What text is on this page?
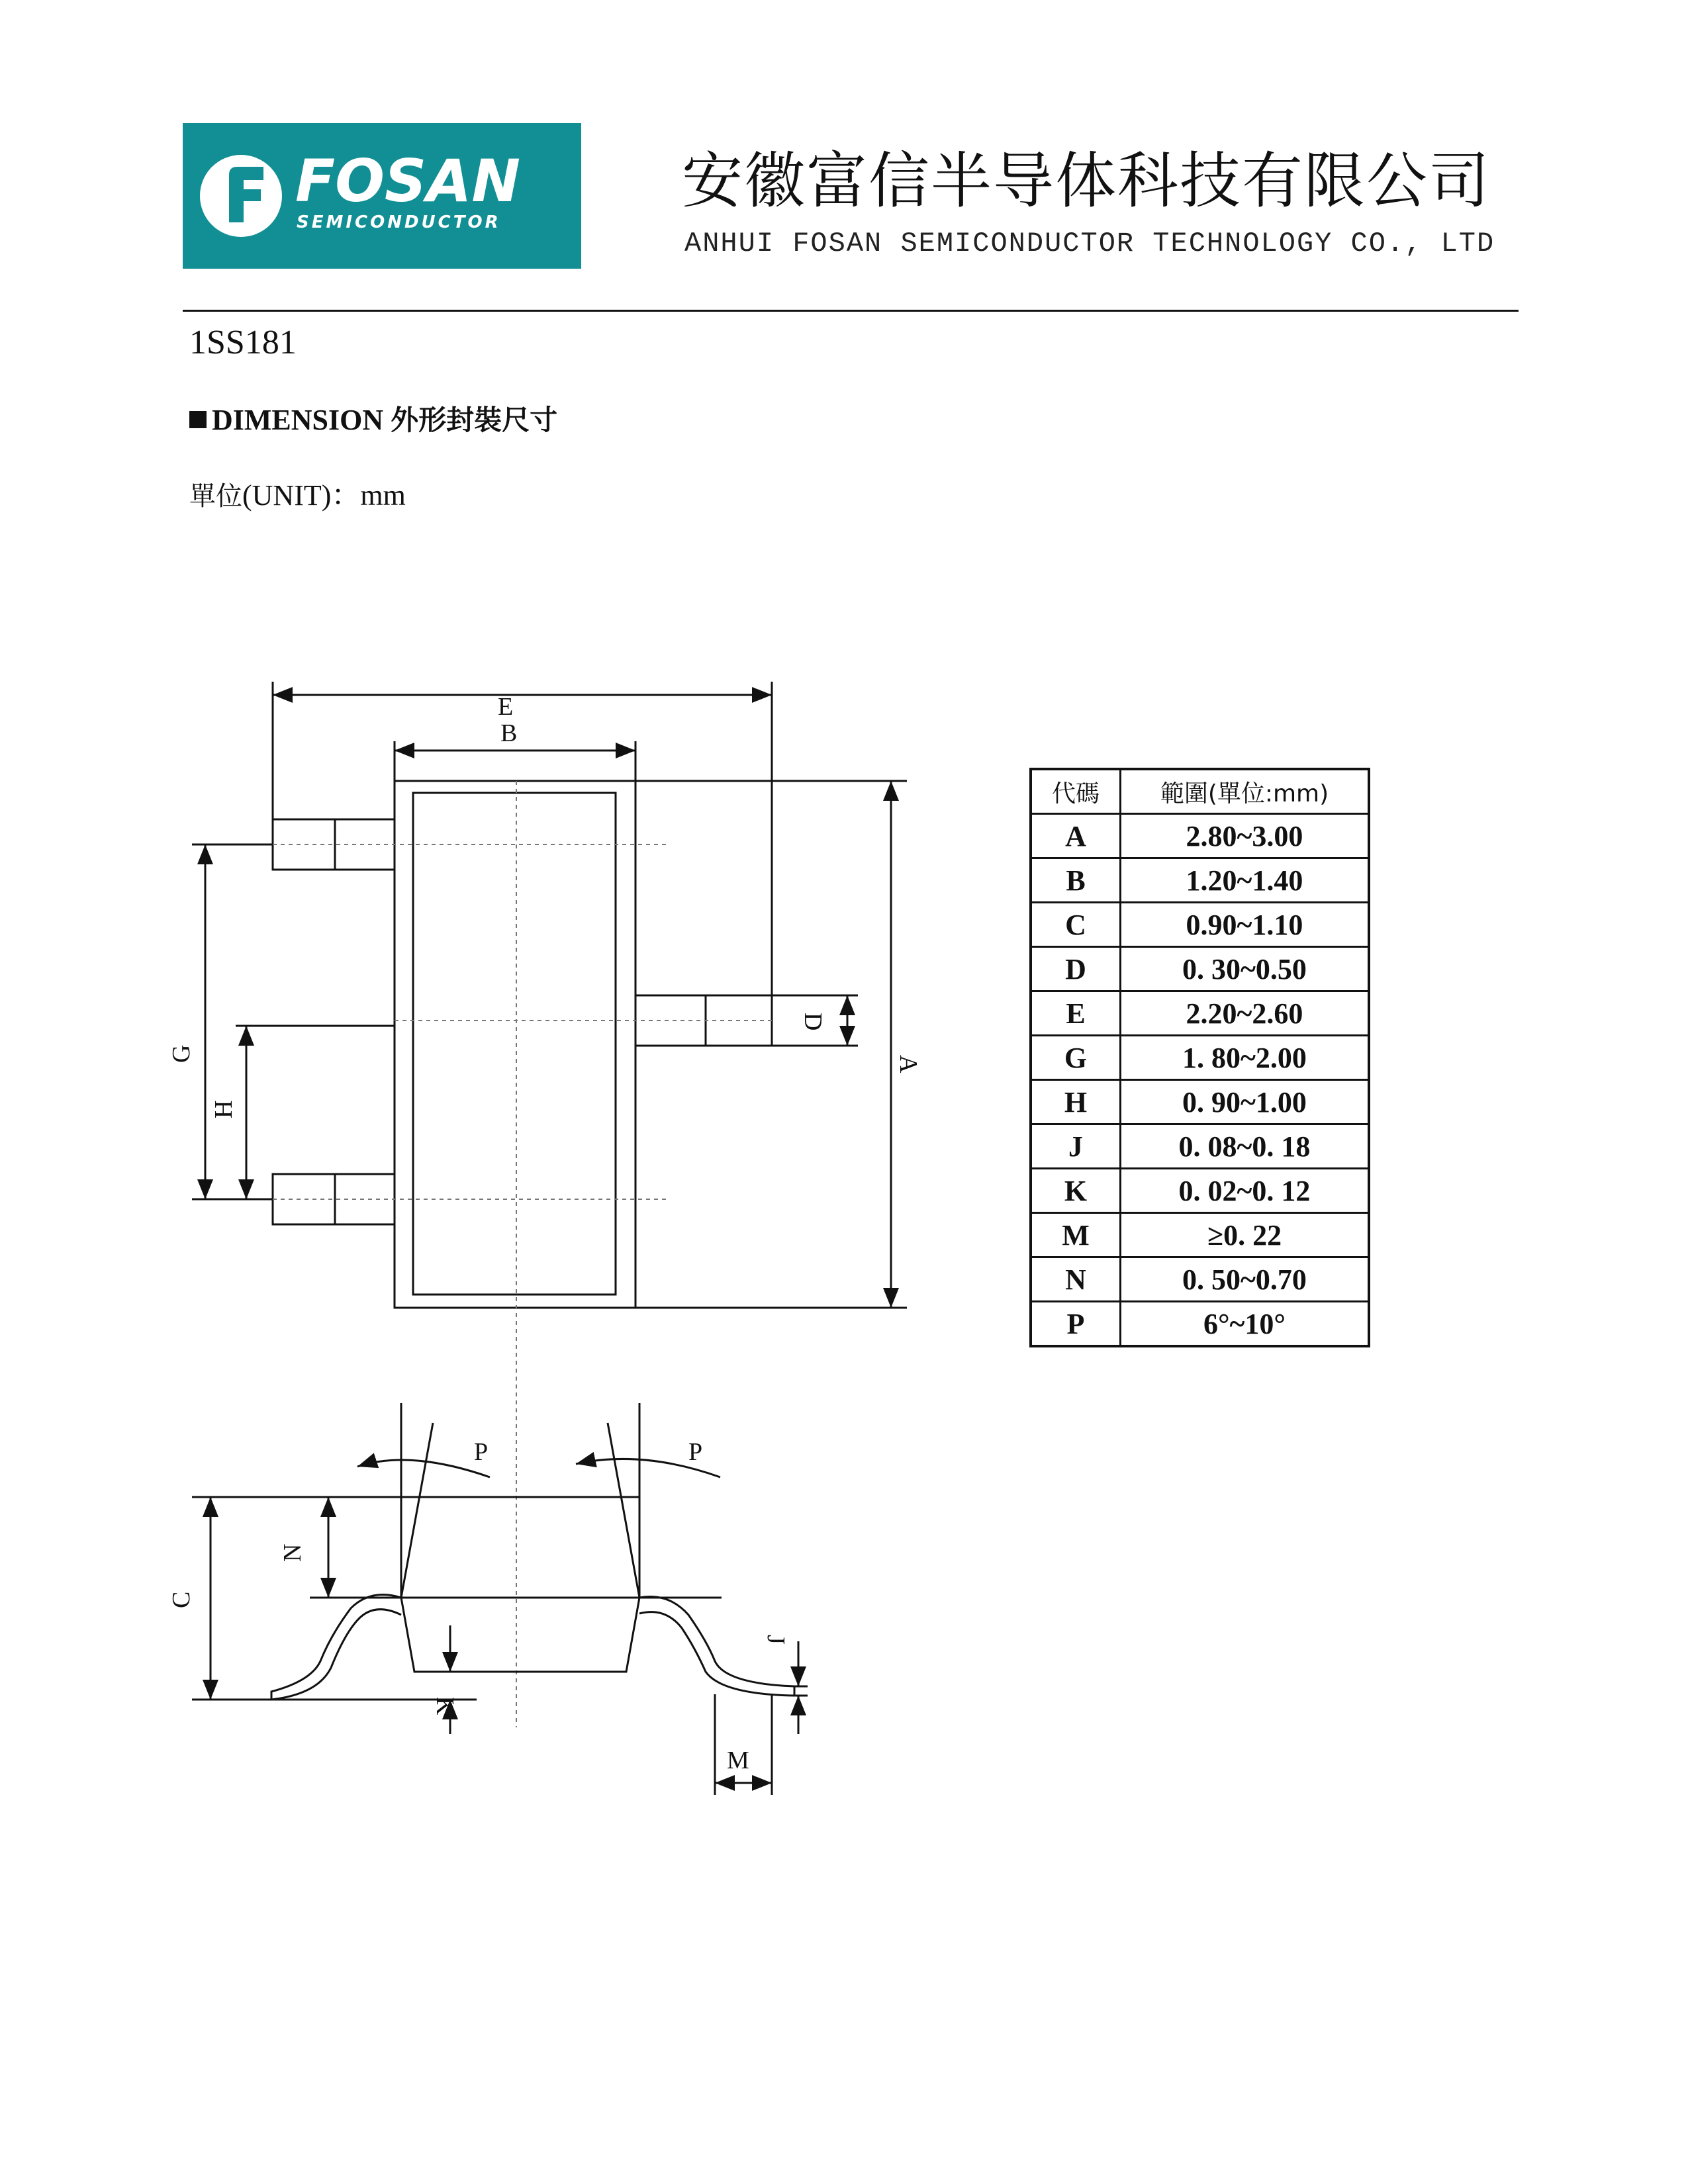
FOSAN
SEMICONDUCTOR
安徽富信半导体科技有限公司
ANHUI FOSAN SEMICONDUCTOR TECHNOLOGY CO., LTD
1SS181
DIMENSION 外形封裝尺寸
單位(UNIT)：mm
E
B
G
H
D
A
P	P
N
C
K
J
M
代碼	範圍(單位:mm)
A	2.80~3.00
B	1.20~1.40
C	0.90~1.10
D	0. 30~0.50
E	2.20~2.60
G	1. 80~2.00
H	0. 90~1.00
J	0. 08~0. 18
K	0. 02~0. 12
M	≥0. 22
N	0. 50~0.70
P	6°~10°
